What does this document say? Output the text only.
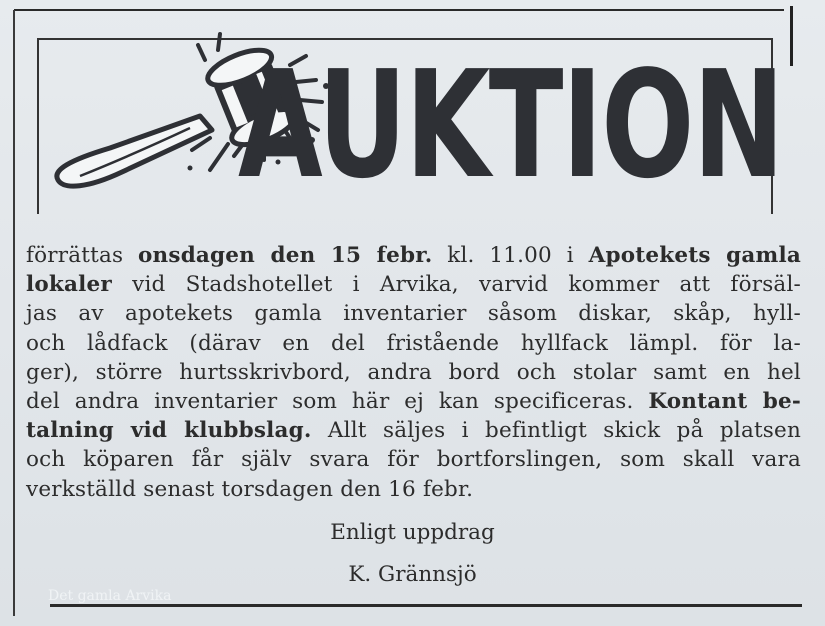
AUKTION
förrättas onsdagen den 15 febr. kl. 11.00 i Apotekets gamla
lokaler vid Stadshotellet i Arvika, varvid kommer att försäl-
jas av apotekets gamla inventarier såsom diskar, skåp, hyll-
och lådfack (därav en del fristående hyllfack lämpl. för la-
ger), större hurtsskrivbord, andra bord och stolar samt en hel
del andra inventarier som här ej kan specificeras. Kontant be-
talning vid klubbslag. Allt säljes i befintligt skick på platsen
och köparen får själv svara för bortforslingen, som skall vara
verkställd senast torsdagen den 16 febr.
Enligt uppdrag
K. Grännsjö
Det gamla Arvika
